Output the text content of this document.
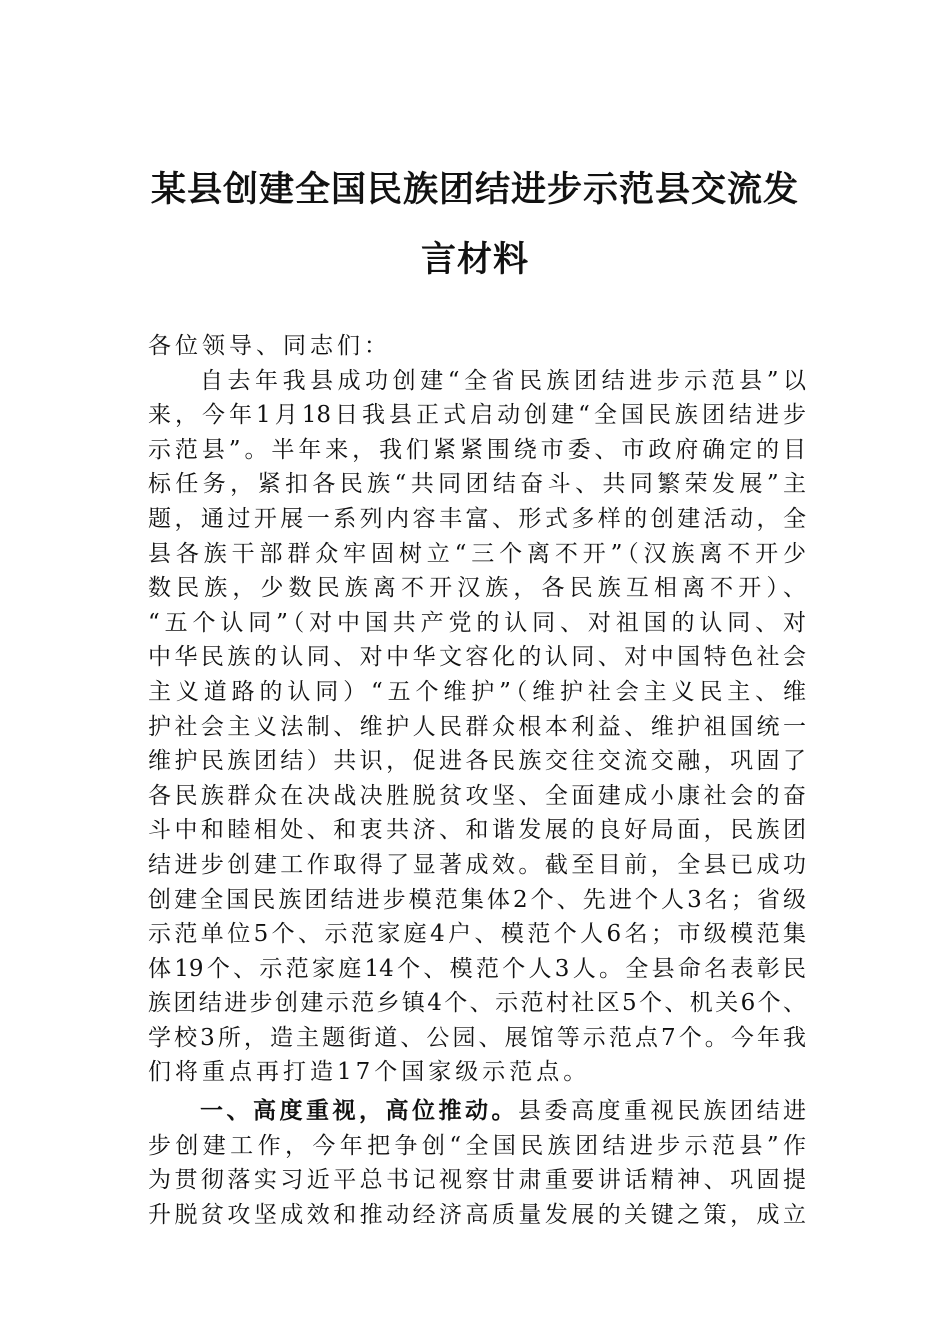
某县创建全国民族团结进步示范县交流发
言材料
各位领导、同志们：
自去年我县成功创建“全省民族团结进步示范县”以
来，今年1月18日我县正式启动创建“全国民族团结进步
示范县”。半年来，我们紧紧围绕市委、市政府确定的目
标任务，紧扣各民族“共同团结奋斗、共同繁荣发展”主
题，通过开展一系列内容丰富、形式多样的创建活动，全
县各族干部群众牢固树立“三个离不开”（汉族离不开少
数民族，少数民族离不开汉族，各民族互相离不开）、
“五个认同”（对中国共产党的认同、对祖国的认同、对
中华民族的认同、对中华文容化的认同、对中国特色社会
主义道路的认同）“五个维护”（维护社会主义民主、维
护社会主义法制、维护人民群众根本利益、维护祖国统一
维护民族团结）共识，促进各民族交往交流交融，巩固了
各民族群众在决战决胜脱贫攻坚、全面建成小康社会的奋
斗中和睦相处、和衷共济、和谐发展的良好局面，民族团
结进步创建工作取得了显著成效。截至目前，全县已成功
创建全国民族团结进步模范集体2个、先进个人3名；省级
示范单位5个、示范家庭4户、模范个人6名；市级模范集
体19个、示范家庭14个、模范个人3人。全县命名表彰民
族团结进步创建示范乡镇4个、示范村社区5个、机关6个、
学校3所，造主题街道、公园、展馆等示范点7个。今年我
们将重点再打造17个国家级示范点。
一、高度重视，高位推动。县委高度重视民族团结进
步创建工作，今年把争创“全国民族团结进步示范县”作
为贯彻落实习近平总书记视察甘肃重要讲话精神、巩固提
升脱贫攻坚成效和推动经济高质量发展的关键之策，成立
